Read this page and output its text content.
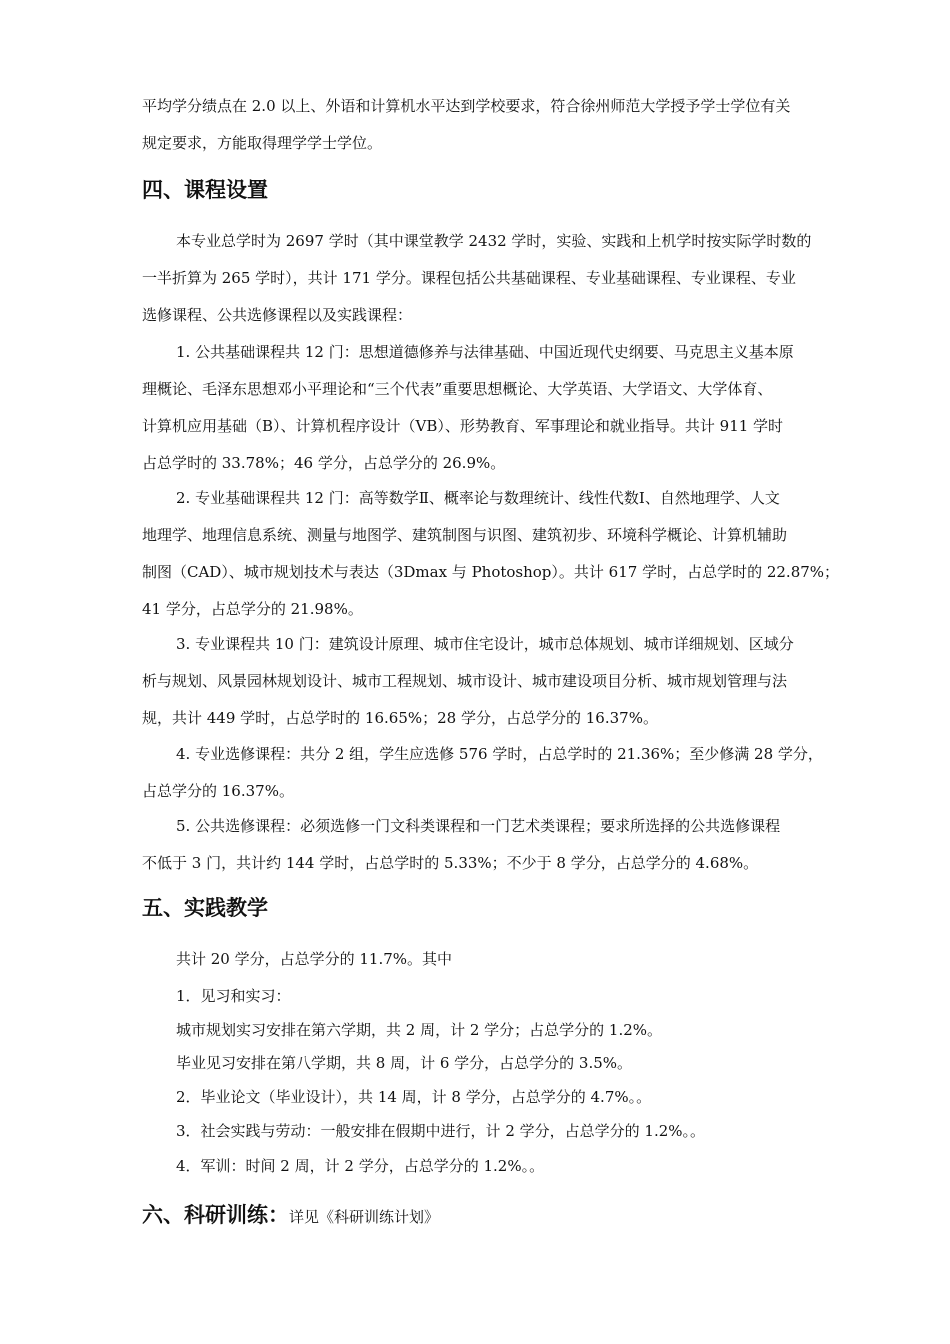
平均学分绩点在 2.0 以上、外语和计算机水平达到学校要求，符合徐州师范大学授予学士学位有关
规定要求，方能取得理学学士学位。
四、课程设置
本专业总学时为 2697 学时（其中课堂教学 2432 学时，实验、实践和上机学时按实际学时数的
一半折算为 265 学时），共计 171 学分。课程包括公共基础课程、专业基础课程、专业课程、专业
选修课程、公共选修课程以及实践课程：
1. 公共基础课程共 12 门：思想道德修养与法律基础、中国近现代史纲要、马克思主义基本原
理概论、毛泽东思想邓小平理论和“三个代表”重要思想概论、大学英语、大学语文、大学体育、
计算机应用基础（B）、计算机程序设计（VB）、形势教育、军事理论和就业指导。共计 911 学时
占总学时的 33.78%；46 学分，占总学分的 26.9%。
2. 专业基础课程共 12 门：高等数学Ⅱ、概率论与数理统计、线性代数Ⅰ、自然地理学、人文
地理学、地理信息系统、测量与地图学、建筑制图与识图、建筑初步、环境科学概论、计算机辅助
制图（CAD）、城市规划技术与表达（3Dmax 与 Photoshop）。共计 617 学时，占总学时的 22.87%；
41 学分，占总学分的 21.98%。
3. 专业课程共 10 门：建筑设计原理、城市住宅设计，城市总体规划、城市详细规划、区域分
析与规划、风景园林规划设计、城市工程规划、城市设计、城市建设项目分析、城市规划管理与法
规，共计 449 学时，占总学时的 16.65%；28 学分，占总学分的 16.37%。
4. 专业选修课程：共分 2 组，学生应选修 576 学时，占总学时的 21.36%；至少修满 28 学分，
占总学分的 16.37%。
5. 公共选修课程：必须选修一门文科类课程和一门艺术类课程；要求所选择的公共选修课程
不低于 3 门，共计约 144 学时，占总学时的 5.33%；不少于 8 学分，占总学分的 4.68%。
五、实践教学
共计 20 学分，占总学分的 11.7%。其中
1．见习和实习：
城市规划实习安排在第六学期，共 2 周，计 2 学分；占总学分的 1.2%。
毕业见习安排在第八学期，共 8 周，计 6 学分，占总学分的 3.5%。
2．毕业论文（毕业设计），共 14 周，计 8 学分，占总学分的 4.7%。。
3．社会实践与劳动：一般安排在假期中进行，计 2 学分，占总学分的 1.2%。。
4．军训：时间 2 周，计 2 学分，占总学分的 1.2%。。
六、科研训练：详见《科研训练计划》
